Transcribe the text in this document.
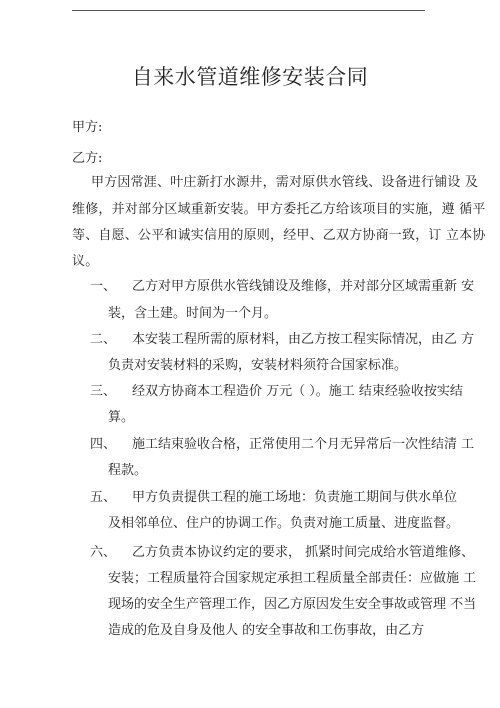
自来水管道维修安装合同
甲方:
乙方:
甲方因常涯、叶庄新打水源井，需对原供水管线、设备进行铺设 及
维修，并对部分区域重新安装。甲方委托乙方给该项目的实施，遵 循平
等、自愿、公平和诚实信用的原则，经甲、乙双方协商一致，订 立本协
议。
一、 乙方对甲方原供水管线铺设及维修，并对部分区域需重新 安
装，含土建。时间为一个月。
二、 本安装工程所需的原材料，由乙方按工程实际情况，由乙 方
负责对安装材料的采购，安装材料须符合国家标准。
三、 经双方协商本工程造价 万元（ ）。施工 结束经验收按实结
算。
四、 施工结束验收合格，正常使用二个月无异常后一次性结清 工
程款。
五、 甲方负责提供工程的施工场地：负责施工期间与供水单位
及相邻单位、住户的协调工作。负责对施工质量、进度监督。
六、 乙方负责本协议约定的要求， 抓紧时间完成给水管道维修、
安装；工程质量符合国家规定承担工程质量全部责任：应做施 工
现场的安全生产管理工作，因乙方原因发生安全事故或管理 不当
造成的危及自身及他人 的安全事故和工伤事故，由乙方
